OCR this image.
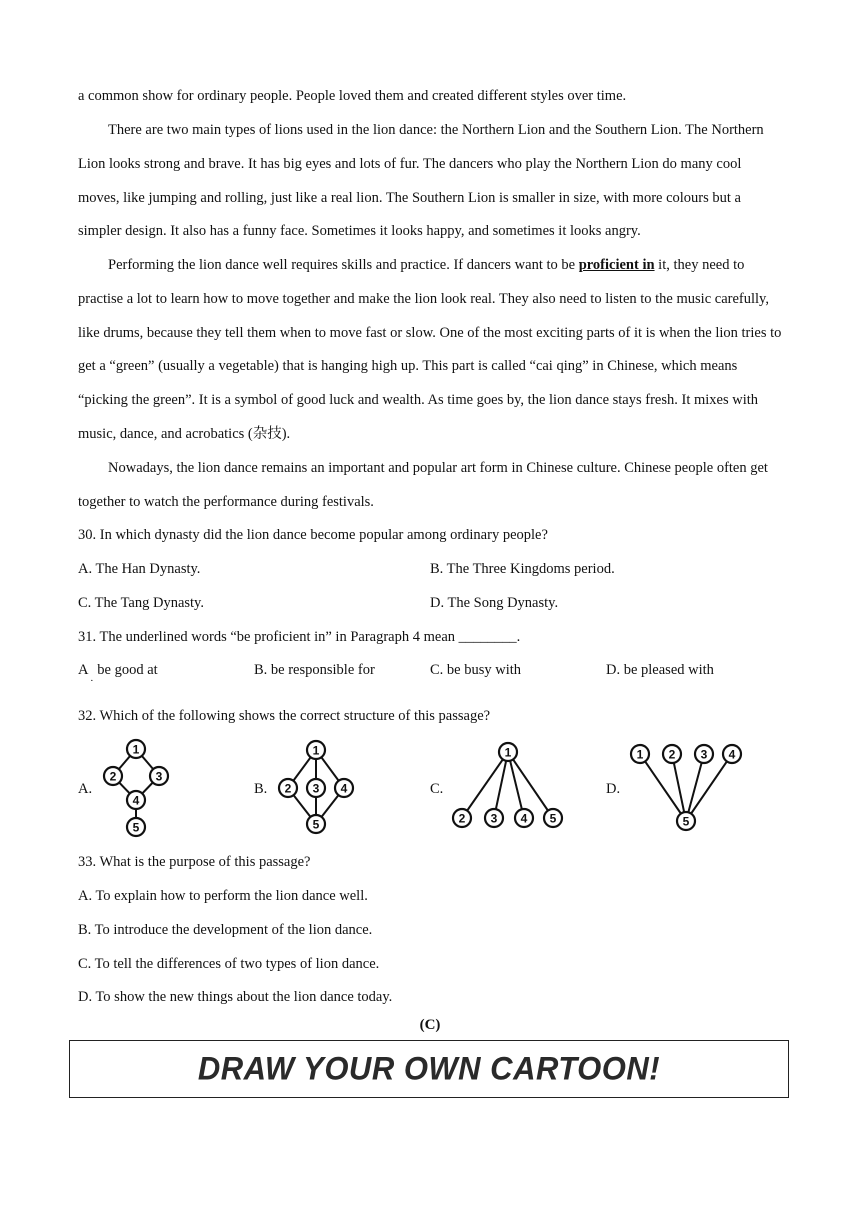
a common show for ordinary people. People loved them and created different styles over time.

There are two main types of lions used in the lion dance: the Northern Lion and the Southern Lion. The Northern Lion looks strong and brave. It has big eyes and lots of fur. The dancers who play the Northern Lion do many cool moves, like jumping and rolling, just like a real lion. The Southern Lion is smaller in size, with more colours but a simpler design. It also has a funny face. Sometimes it looks happy, and sometimes it looks angry.

Performing the lion dance well requires skills and practice. If dancers want to be proficient in it, they need to practise a lot to learn how to move together and make the lion look real. They also need to listen to the music carefully, like drums, because they tell them when to move fast or slow. One of the most exciting parts of it is when the lion tries to get a “green” (usually a vegetable) that is hanging high up. This part is called “cai qing” in Chinese, which means “picking the green”. It is a symbol of good luck and wealth. As time goes by, the lion dance stays fresh. It mixes with music, dance, and acrobatics (杂技).

Nowadays, the lion dance remains an important and popular art form in Chinese culture. Chinese people often get together to watch the performance during festivals.

30. In which dynasty did the lion dance become popular among ordinary people?
A. The Han Dynasty.	B. The Three Kingdoms period.
C. The Tang Dynasty.	D. The Song Dynasty.
31. The underlined words “be proficient in” in Paragraph 4 mean ________.
A
·
be good at	B. be responsible for	C. be busy with	D. be pleased with
32. Which of the following shows the correct structure of this passage?
A.
1
2	3
4
5
B.
1
2 3 4
5
C.
1
2 3 4 5
D.
1 2 3 4
5
33. What is the purpose of this passage?
A. To explain how to perform the lion dance well.
B. To introduce the development of the lion dance.
C. To tell the differences of two types of lion dance.
D. To show the new things about the lion dance today.
(C)
DRAW YOUR OWN CARTOON!
